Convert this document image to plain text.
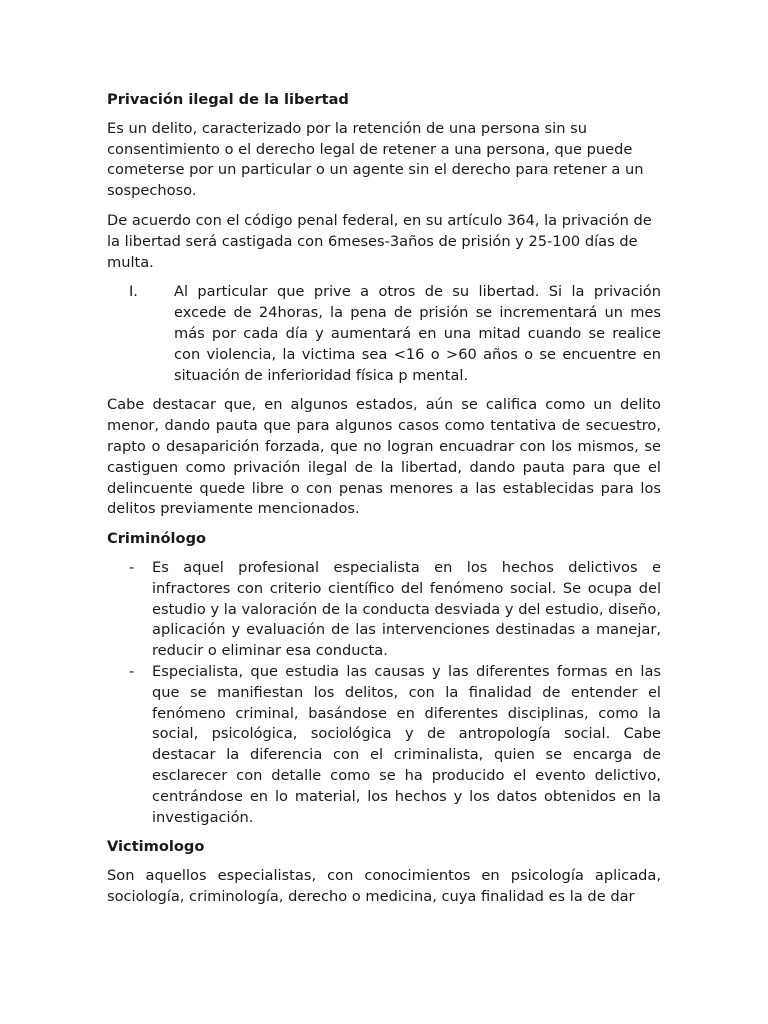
Privación ilegal de la libertad

Es un delito, caracterizado por la retención de una persona sin su consentimiento o el derecho legal de retener a una persona, que puede cometerse por un particular o un agente sin el derecho para retener a un sospechoso.

De acuerdo con el código penal federal, en su artículo 364, la privación de la libertad será castigada con 6meses-3años de prisión y 25-100 días de multa.

I.	Al particular que prive a otros de su libertad. Si la privación excede de 24horas, la pena de prisión se incrementará un mes más por cada día y aumentará en una mitad cuando se realice con violencia, la victima sea <16 o >60 años o se encuentre en situación de inferioridad física p mental.

Cabe destacar que, en algunos estados, aún se califica como un delito menor, dando pauta que para algunos casos como tentativa de secuestro, rapto o desaparición forzada, que no logran encuadrar con los mismos, se castiguen como privación ilegal de la libertad, dando pauta para que el delincuente quede libre o con penas menores a las establecidas para los delitos previamente mencionados.

Criminólogo
-	Es aquel profesional especialista en los hechos delictivos e infractores con criterio científico del fenómeno social. Se ocupa del estudio y la valoración de la conducta desviada y del estudio, diseño, aplicación y evaluación de las intervenciones destinadas a manejar, reducir o eliminar esa conducta.
-	Especialista, que estudia las causas y las diferentes formas en las que se manifiestan los delitos, con la finalidad de entender el fenómeno criminal, basándose en diferentes disciplinas, como la social, psicológica, sociológica y de antropología social. Cabe destacar la diferencia con el criminalista, quien se encarga de esclarecer con detalle como se ha producido el evento delictivo, centrándose en lo material, los hechos y los datos obtenidos en la investigación.
Victimologo

Son aquellos especialistas, con conocimientos en psicología aplicada, sociología, criminología, derecho o medicina, cuya finalidad es la de dar
